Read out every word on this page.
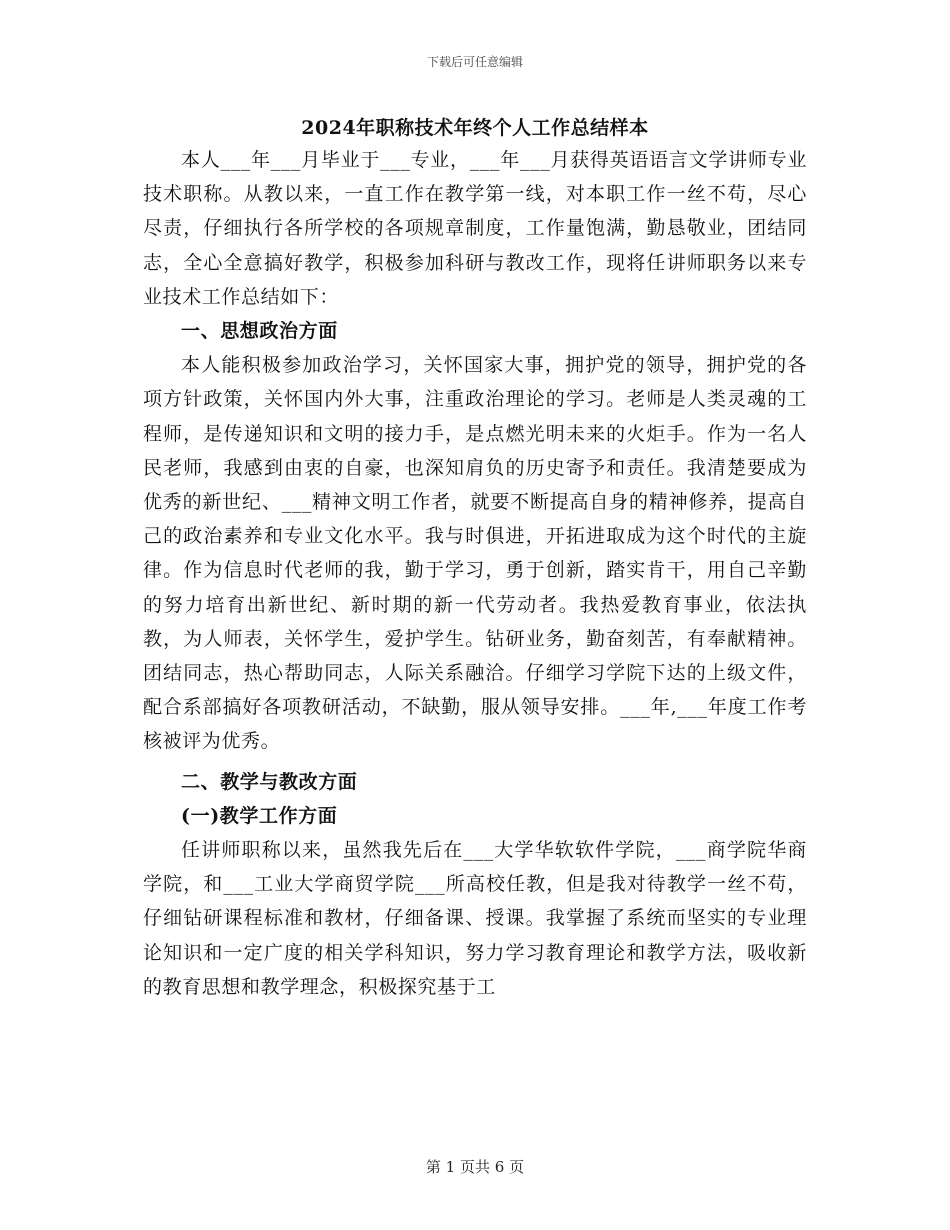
下载后可任意编辑
2024年职称技术年终个人工作总结样本

本人___年___月毕业于___专业，___年___月获得英语语言文学讲师专业技术职称。从教以来，一直工作在教学第一线，对本职工作一丝不苟，尽心尽责，仔细执行各所学校的各项规章制度，工作量饱满，勤恳敬业，团结同志，全心全意搞好教学，积极参加科研与教改工作，现将任讲师职务以来专业技术工作总结如下：

一、思想政治方面

本人能积极参加政治学习，关怀国家大事，拥护党的领导，拥护党的各项方针政策，关怀国内外大事，注重政治理论的学习。老师是人类灵魂的工程师，是传递知识和文明的接力手，是点燃光明未来的火炬手。作为一名人民老师，我感到由衷的自豪，也深知肩负的历史寄予和责任。我清楚要成为优秀的新世纪、___精神文明工作者，就要不断提高自身的精神修养，提高自己的政治素养和专业文化水平。我与时俱进，开拓进取成为这个时代的主旋律。作为信息时代老师的我，勤于学习，勇于创新，踏实肯干，用自己辛勤的努力培育出新世纪、新时期的新一代劳动者。我热爱教育事业，依法执教，为人师表，关怀学生，爱护学生。钻研业务，勤奋刻苦，有奉献精神。团结同志，热心帮助同志，人际关系融洽。仔细学习学院下达的上级文件，配合系部搞好各项教研活动，不缺勤，服从领导安排。___年,___年度工作考核被评为优秀。

二、教学与教改方面
(一)教学工作方面

任讲师职称以来，虽然我先后在___大学华软软件学院，___商学院华商学院，和___工业大学商贸学院___所高校任教，但是我对待教学一丝不苟，仔细钻研课程标准和教材，仔细备课、授课。我掌握了系统而坚实的专业理论知识和一定广度的相关学科知识，努力学习教育理论和教学方法，吸收新的教育思想和教学理念，积极探究基于工

第 1 页共 6 页
